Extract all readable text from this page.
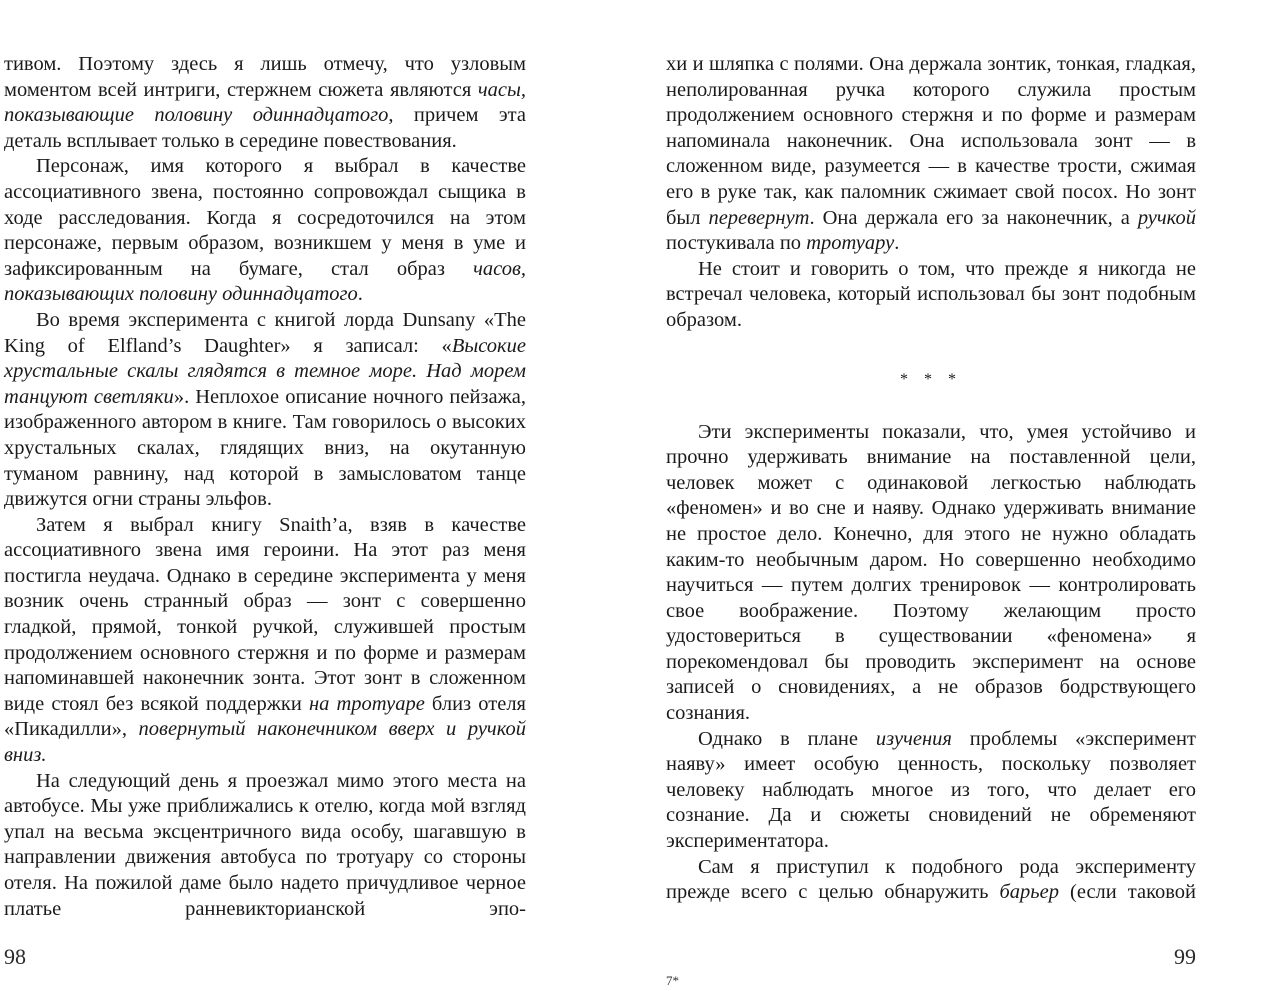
тивом. Поэтому здесь я лишь отмечу, что узловым моментом всей интриги, стержнем сюжета являются часы, показывающие половину одиннадцатого, причем эта деталь всплывает только в середине повествования.

Персонаж, имя которого я выбрал в качестве ассоциативного звена, постоянно сопровождал сыщика в ходе расследования. Когда я сосредоточился на этом персонаже, первым образом, возникшем у меня в уме и зафиксированным на бумаге, стал образ часов, показывающих половину одиннадцатого.

Во время эксперимента с книгой лорда Dunsany «The King of Elfland’s Daughter» я записал: «Высокие хрустальные скалы глядятся в темное море. Над морем танцуют светляки». Неплохое описание ночного пейзажа, изображенного автором в книге. Там говорилось о высоких хрустальных скалах, глядящих вниз, на окутанную туманом равнину, над которой в замысловатом танце движутся огни страны эльфов.

Затем я выбрал книгу Snaith’a, взяв в качестве ассоциативного звена имя героини. На этот раз меня постигла неудача. Однако в середине эксперимента у меня возник очень странный образ — зонт с совершенно гладкой, прямой, тонкой ручкой, служившей простым продолжением основного стержня и по форме и размерам напоминавшей наконечник зонта. Этот зонт в сложенном виде стоял без всякой поддержки на тротуаре близ отеля «Пикадилли», повернутый наконечником вверх и ручкой вниз.

На следующий день я проезжал мимо этого места на автобусе. Мы уже приближались к отелю, когда мой взгляд упал на весьма эксцентричного вида особу, шагавшую в направлении движения автобуса по тротуару со стороны отеля. На пожилой даме было надето причудливое черное платье ранневикторианской эпо-

98

хи и шляпка с полями. Она держала зонтик, тонкая, гладкая, неполированная ручка которого служила простым продолжением основного стержня и по форме и размерам напоминала наконечник. Она использовала зонт — в сложенном виде, разумеется — в качестве трости, сжимая его в руке так, как паломник сжимает свой посох. Но зонт был перевернут. Она держала его за наконечник, а ручкой постукивала по тротуару.

Не стоит и говорить о том, что прежде я никогда не встречал человека, который использовал бы зонт подобным образом.

* * *

Эти эксперименты показали, что, умея устойчиво и прочно удерживать внимание на поставленной цели, человек может с одинаковой легкостью наблюдать «феномен» и во сне и наяву. Однако удерживать внимание не простое дело. Конечно, для этого не нужно обладать каким-то необычным даром. Но совершенно необходимо научиться — путем долгих тренировок — контролировать свое воображение. Поэтому желающим просто удостовериться в существовании «феномена» я порекомендовал бы проводить эксперимент на основе записей о сновидениях, а не образов бодрствующего сознания.

Однако в плане изучения проблемы «эксперимент наяву» имеет особую ценность, поскольку позволяет человеку наблюдать многое из того, что делает его сознание. Да и сюжеты сновидений не обременяют экспериментатора.

Сам я приступил к подобного рода эксперименту прежде всего с целью обнаружить барьер (если таковой

99
7*
